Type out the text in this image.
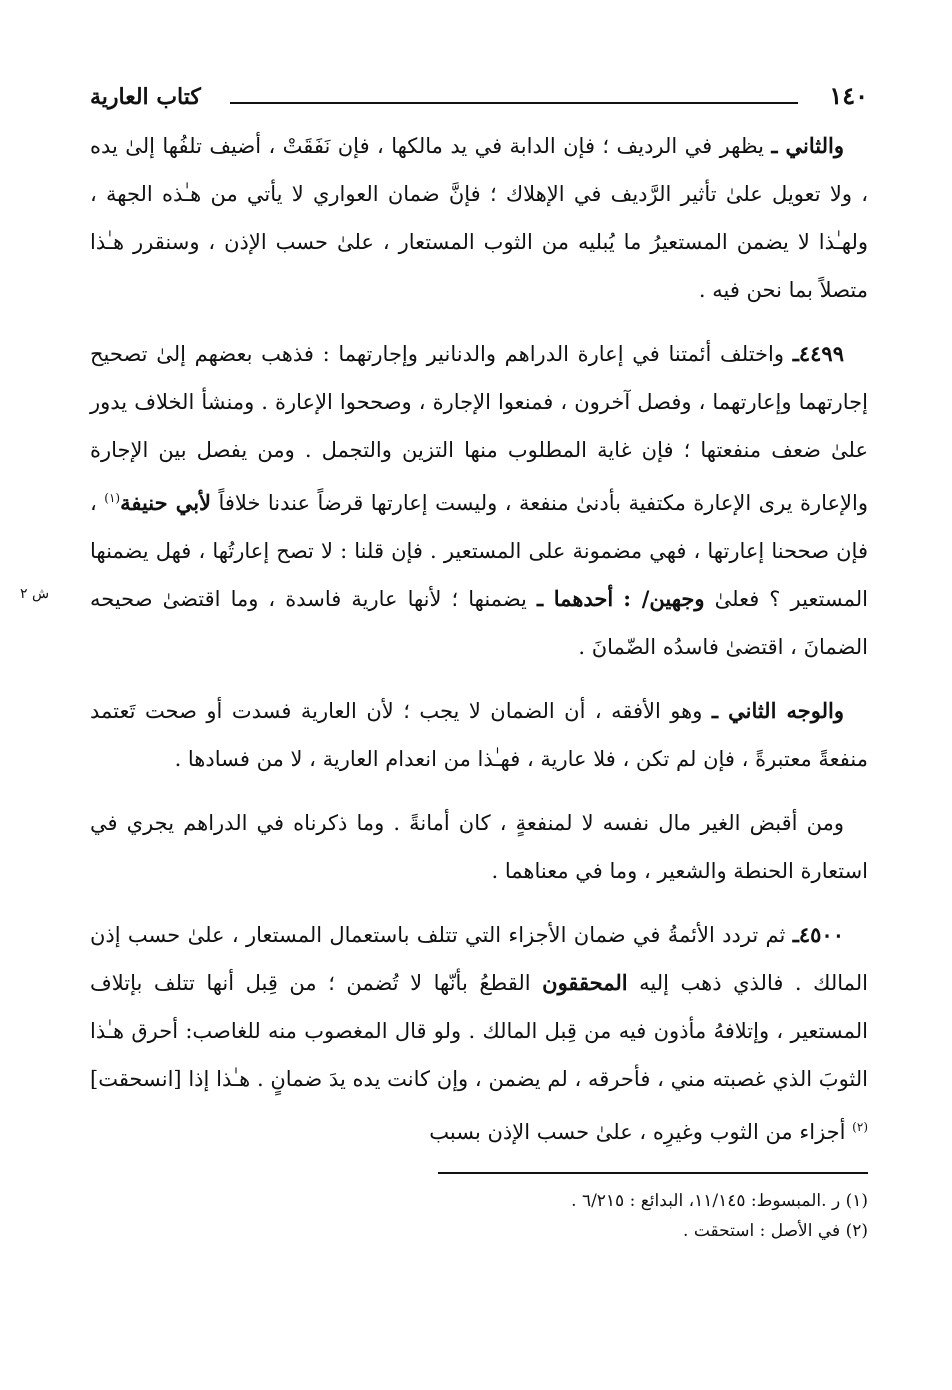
١٤٠
كتاب العارية

والثاني ـ يظهر في الرديف ؛ فإن الدابة في يد مالكها ، فإن نَفَقَتْ ، أضيف تلفُها إلىٰ يده ، ولا تعويل علىٰ تأثير الرَّديف في الإهلاك ؛ فإنَّ ضمان العواري لا يأتي من هـٰذه الجهة ، ولهـٰذا لا يضمن المستعيرُ ما يُبليه من الثوب المستعار ، علىٰ حسب الإذن ، وسنقرر هـٰذا متصلاً بما نحن فيه .

٤٤٩٩ـ واختلف أئمتنا في إعارة الدراهم والدنانير وإجارتهما : فذهب بعضهم إلىٰ تصحيح إجارتهما وإعارتهما ، وفصل آخرون ، فمنعوا الإجارة ، وصححوا الإعارة . ومنشأ الخلاف يدور علىٰ ضعف منفعتها ؛ فإن غاية المطلوب منها التزين والتجمل . ومن يفصل بين الإجارة والإعارة يرى الإعارة مكتفية بأدنىٰ منفعة ، وليست إعارتها قرضاً عندنا خلافاً لأبي حنيفة$^{(١)}$ ، فإن صححنا إعارتها ، فهي مضمونة على المستعير . فإن قلنا : لا تصح إعارتُها ، فهل يضمنها المستعير ؟ فعلىٰ وجهين/ : أحدهما ـ يضمنها ؛ لأنها عارية فاسدة ، وما اقتضىٰ صحيحه الضمانَ ، اقتضىٰ فاسدُه الضّمانَ .
ش ٢

والوجه الثاني ـ وهو الأفقه ، أن الضمان لا يجب ؛ لأن العارية فسدت أو صحت تَعتمد منفعةً معتبرةً ، فإن لم تكن ، فلا عارية ، فهـٰذا من انعدام العارية ، لا من فسادها .

ومن أقبض الغير مال نفسه لا لمنفعةٍ ، كان أمانةً . وما ذكرناه في الدراهم يجري في استعارة الحنطة والشعير ، وما في معناهما .

٤٥٠٠ـ ثم تردد الأئمةُ في ضمان الأجزاء التي تتلف باستعمال المستعار ، علىٰ حسب إذن المالك . فالذي ذهب إليه المحققون القطعُ بأنّها لا تُضمن ؛ من قِبل أنها تتلف بإتلاف المستعير ، وإتلافهُ مأذون فيه من قِبل المالك . ولو قال المغصوب منه للغاصب: أحرق هـٰذا الثوبَ الذي غصبته مني ، فأحرقه ، لم يضمن ، وإن كانت يده يدَ ضمانٍ . هـٰذا إذا [انسحقت]$^{(٢)}$ أجزاء من الثوب وغيرِه ، علىٰ حسب الإذن بسبب

(١) ر .المبسوط: ١١/١٤٥، البدائع : ٦/٢١٥ .

(٢) في الأصل : استحقت .
